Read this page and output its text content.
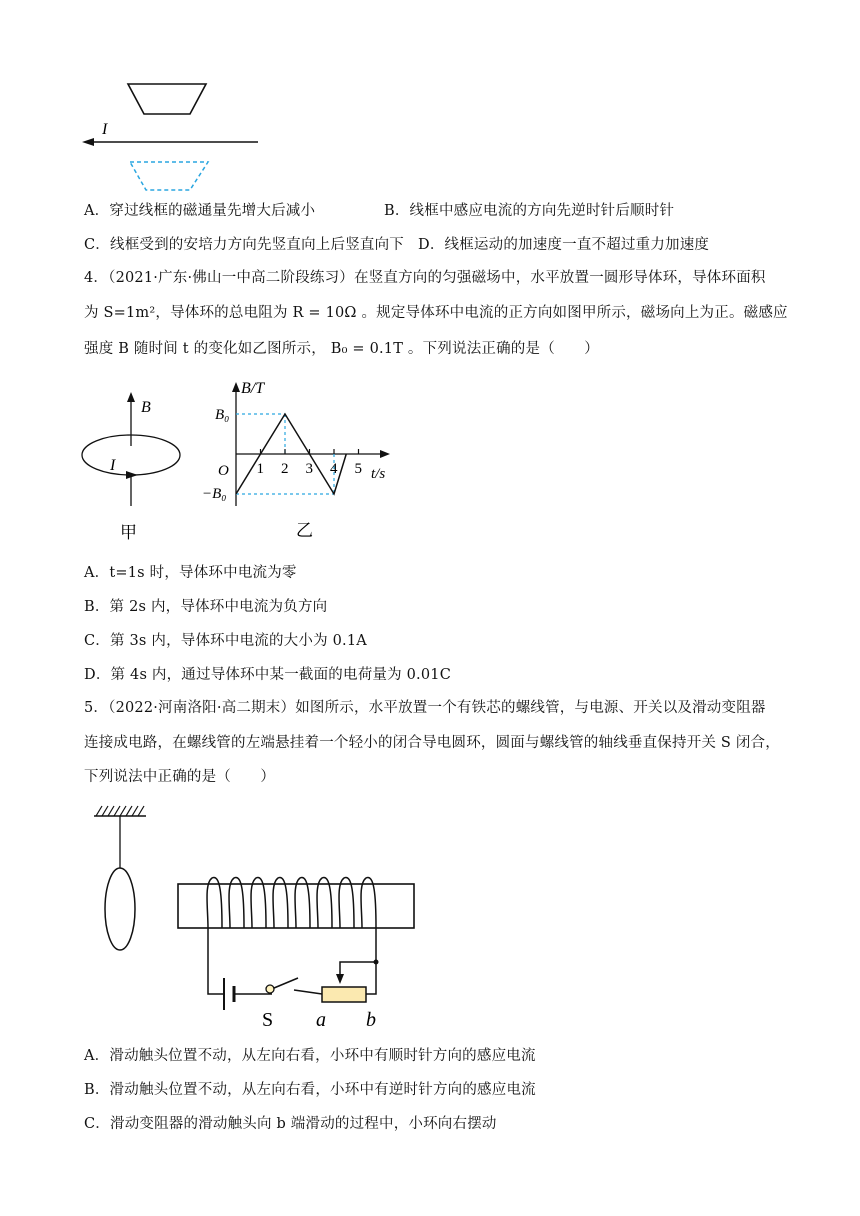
I
A．穿过线框的磁通量先增大后减小	B．线框中感应电流的方向先逆时针后顺时针
C．线框受到的安培力方向先竖直向上后竖直向下 D．线框运动的加速度一直不超过重力加速度
4．（2021·广东·佛山一中高二阶段练习）在竖直方向的匀强磁场中，水平放置一圆形导体环，导体环面积
为 S=1m²，导体环的总电阻为 R = 10Ω 。规定导体环中电流的正方向如图甲所示，磁场向上为正。磁感应
强度 B 随时间 t 的变化如乙图所示， B₀ = 0.1T 。下列说法正确的是（　　）
B
I
甲
B/T
t/s
O
B₀
−B₀
乙
1 2 3 4 5
A．t=1s 时，导体环中电流为零
B．第 2s 内，导体环中电流为负方向
C．第 3s 内，导体环中电流的大小为 0.1A
D．第 4s 内，通过导体环中某一截面的电荷量为 0.01C
5．（2022·河南洛阳·高二期末）如图所示，水平放置一个有铁芯的螺线管，与电源、开关以及滑动变阻器
连接成电路，在螺线管的左端悬挂着一个轻小的闭合导电圆环，圆面与螺线管的轴线垂直保持开关 S 闭合，
下列说法中正确的是（　　）
S a b
A．滑动触头位置不动，从左向右看，小环中有顺时针方向的感应电流
B．滑动触头位置不动，从左向右看，小环中有逆时针方向的感应电流
C．滑动变阻器的滑动触头向 b 端滑动的过程中，小环向右摆动
